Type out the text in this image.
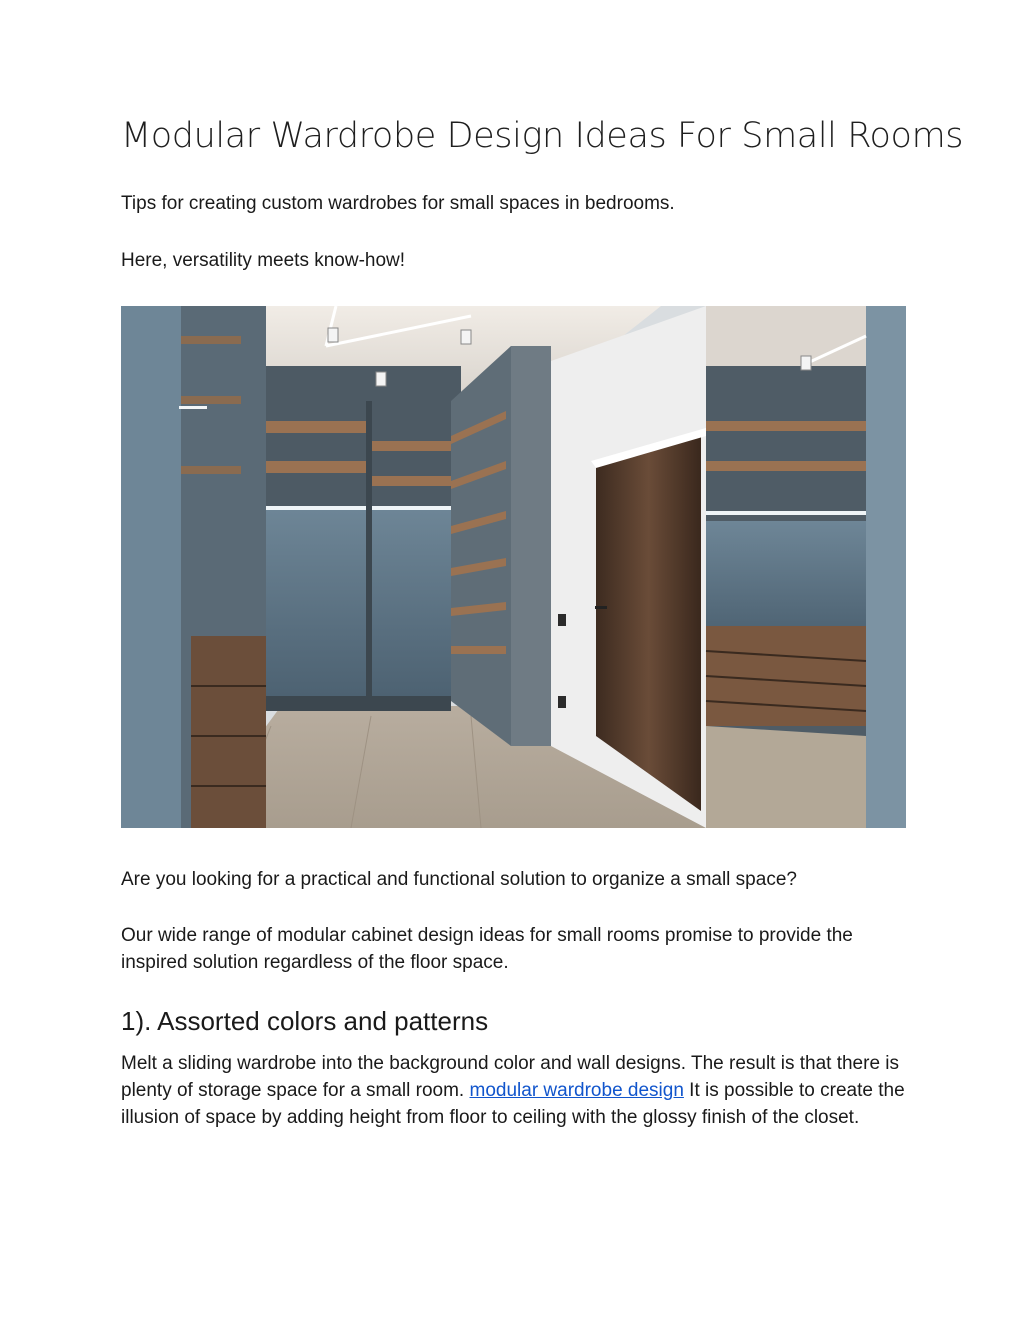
Modular Wardrobe Design Ideas For Small Rooms

Tips for creating custom wardrobes for small spaces in bedrooms.

Here, versatility meets know-how!

Are you looking for a practical and functional solution to organize a small space?

Our wide range of modular cabinet design ideas for small rooms promise to provide the inspired solution regardless of the floor space.

1). Assorted colors and patterns

Melt a sliding wardrobe into the background color and wall designs. The result is that there is plenty of storage space for a small room. modular wardrobe design It is possible to create the illusion of space by adding height from floor to ceiling with the glossy finish of the closet.
